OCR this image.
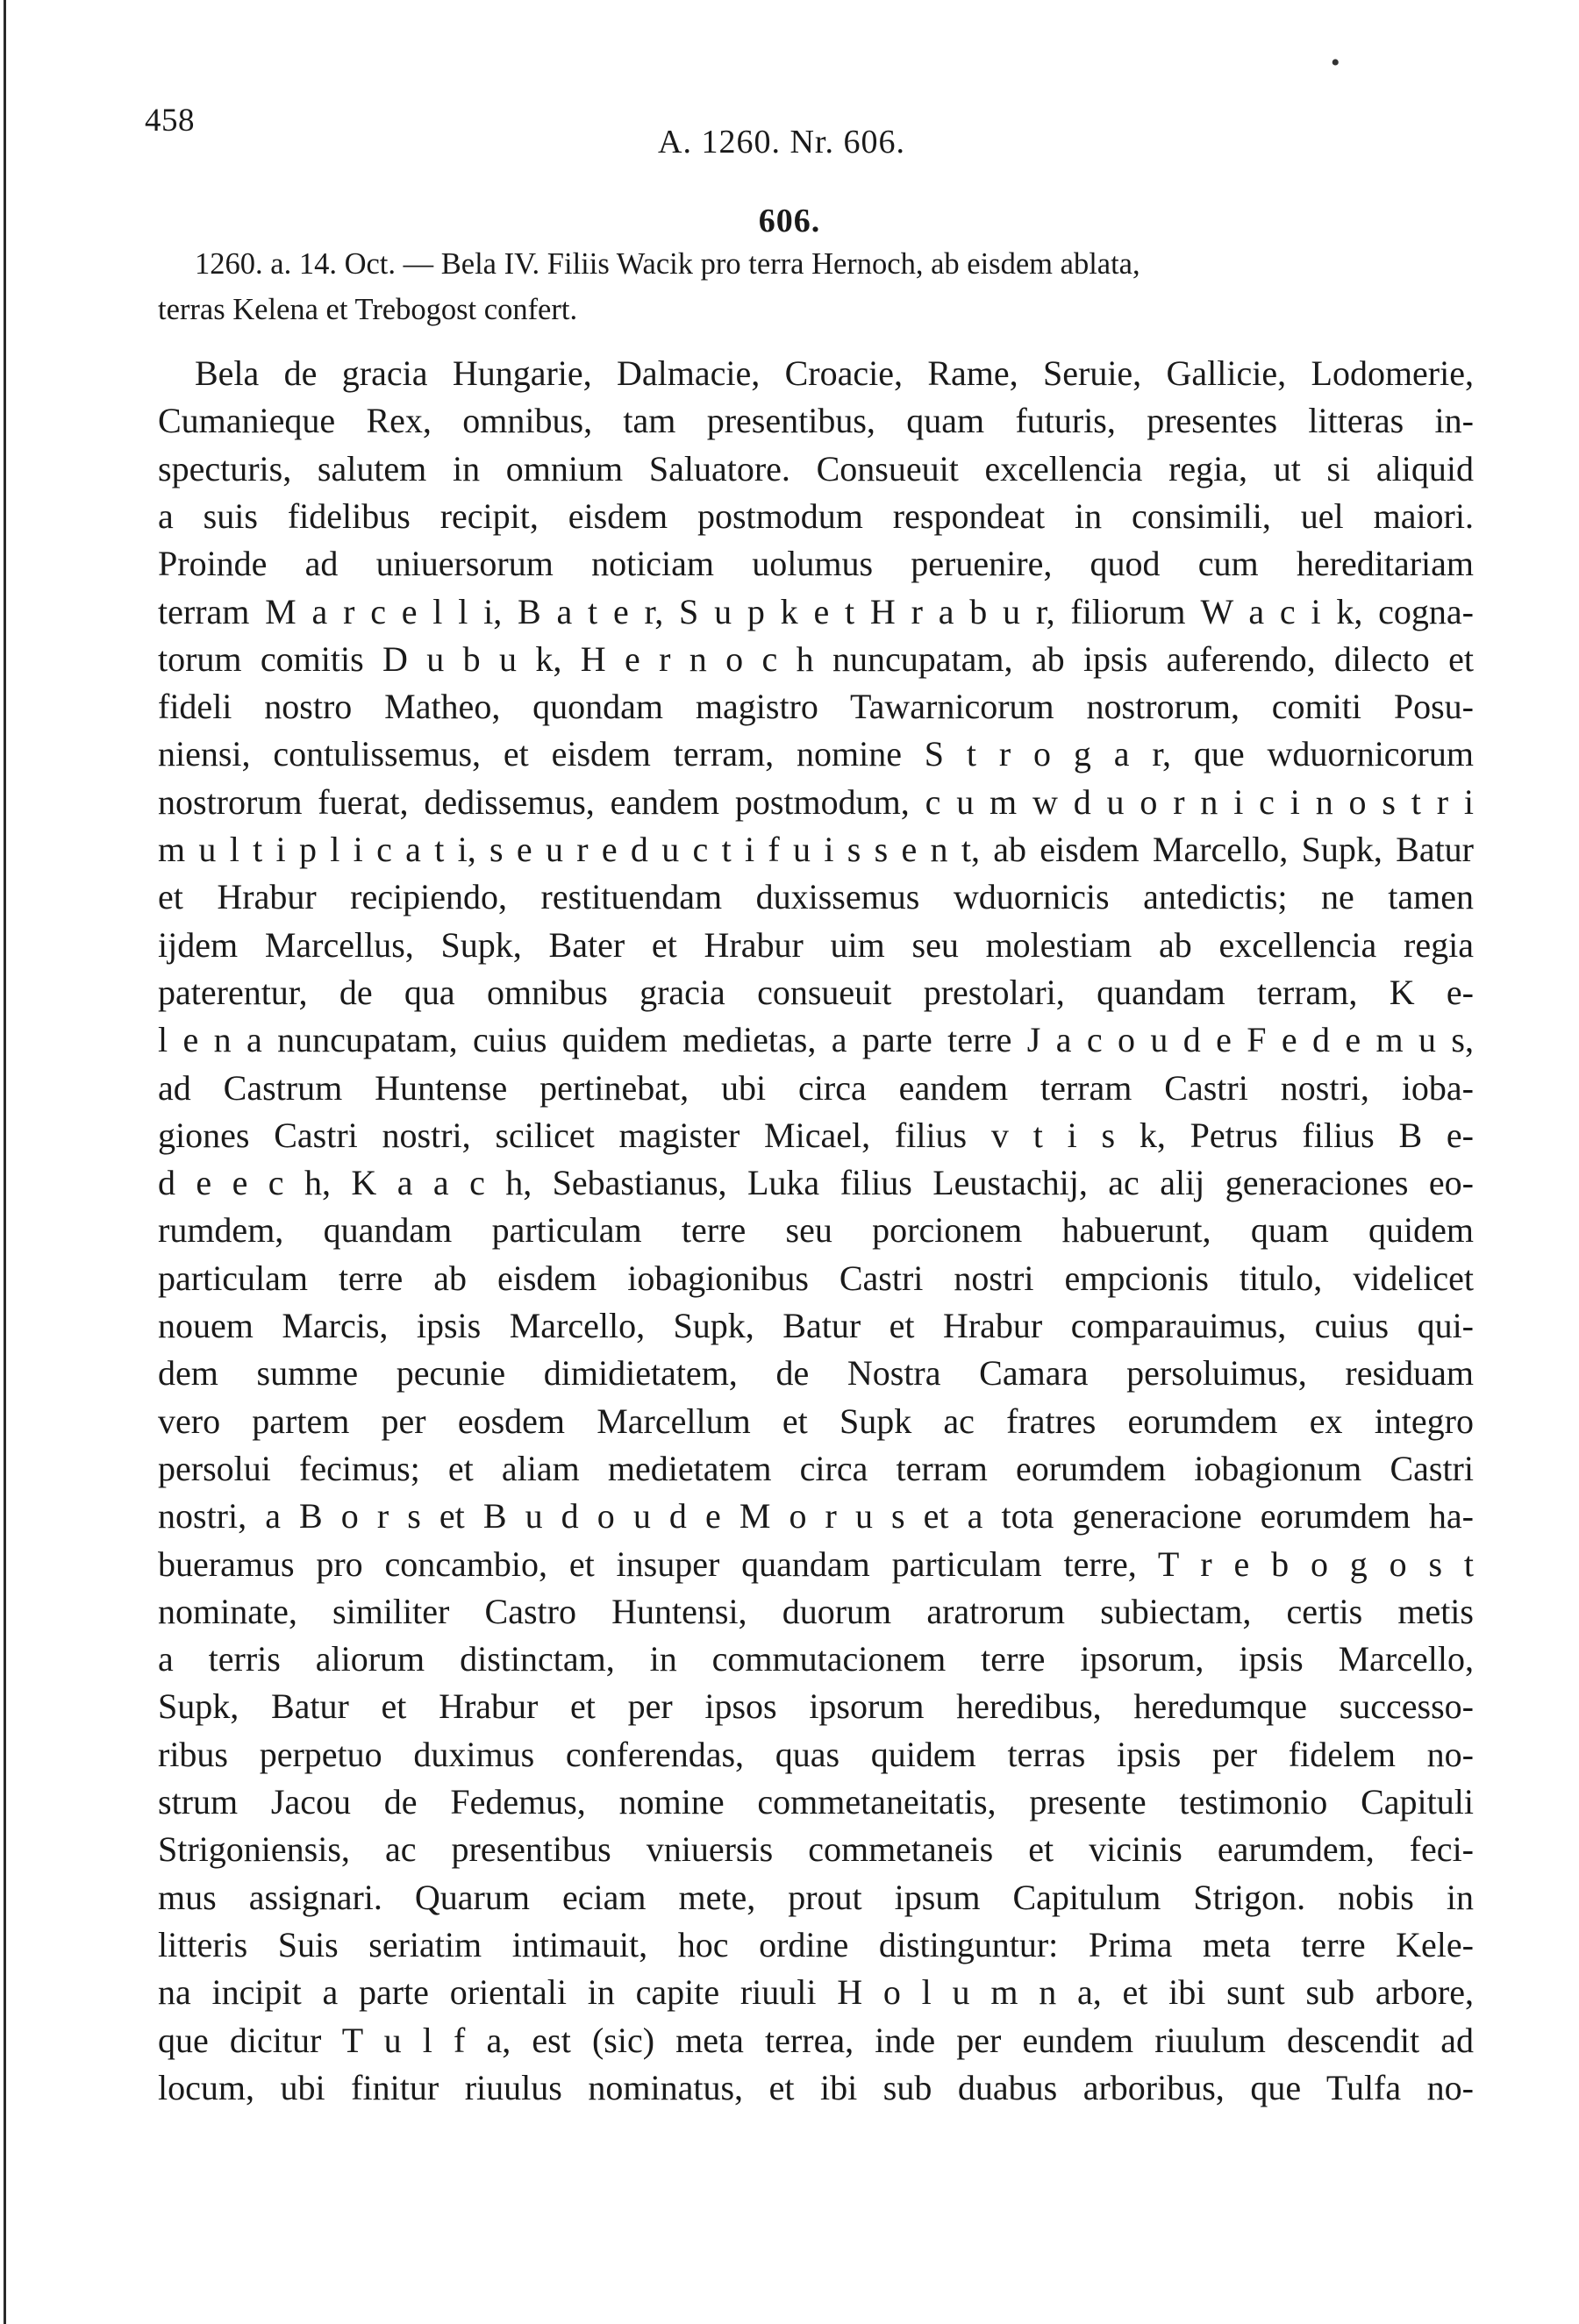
•
458
A. 1260. Nr. 606.
606.
1260. a. 14. Oct. — Bela IV. Filiis Wacik pro terra Hernoch, ab eisdem ablata,
terras Kelena et Trebogost confert.
Bela de gracia Hungarie, Dalmacie, Croacie, Rame, Seruie, Gallicie, Lodomerie,
Cumanieque Rex, omnibus, tam presentibus, quam futuris, presentes litteras in-
specturis, salutem in omnium Saluatore. Consueuit excellencia regia, ut si aliquid
a suis fidelibus recipit, eisdem postmodum respondeat in consimili, uel maiori.
Proinde ad uniuersorum noticiam uolumus peruenire, quod cum hereditariam
terram M a r c e l l i, B a t e r, S u p k e t H r a b u r, filiorum W a c i k, cogna-
torum comitis D u b u k, H e r n o c h nuncupatam, ab ipsis auferendo, dilecto et
fideli nostro Matheo, quondam magistro Tawarnicorum nostrorum, comiti Posu-
niensi, contulissemus, et eisdem terram, nomine S t r o g a r, que wduornicorum
nostrorum fuerat, dedissemus, eandem postmodum, c u m w d u o r n i c i n o s t r i
m u l t i p l i c a t i, s e u r e d u c t i f u i s s e n t, ab eisdem Marcello, Supk, Batur
et Hrabur recipiendo, restituendam duxissemus wduornicis antedictis; ne tamen
ijdem Marcellus, Supk, Bater et Hrabur uim seu molestiam ab excellencia regia
paterentur, de qua omnibus gracia consueuit prestolari, quandam terram, K e-
l e n a nuncupatam, cuius quidem medietas, a parte terre J a c o u d e F e d e m u s,
ad Castrum Huntense pertinebat, ubi circa eandem terram Castri nostri, ioba-
giones Castri nostri, scilicet magister Micael, filius v t i s k, Petrus filius B e-
d e e c h, K a a c h, Sebastianus, Luka filius Leustachij, ac alij generaciones eo-
rumdem, quandam particulam terre seu porcionem habuerunt, quam quidem
particulam terre ab eisdem iobagionibus Castri nostri empcionis titulo, videlicet
nouem Marcis, ipsis Marcello, Supk, Batur et Hrabur comparauimus, cuius qui-
dem summe pecunie dimidietatem, de Nostra Camara persoluimus, residuam
vero partem per eosdem Marcellum et Supk ac fratres eorumdem ex integro
persolui fecimus; et aliam medietatem circa terram eorumdem iobagionum Castri
nostri, a B o r s et B u d o u d e M o r u s et a tota generacione eorumdem ha-
bueramus pro concambio, et insuper quandam particulam terre, T r e b o g o s t
nominate, similiter Castro Huntensi, duorum aratrorum subiectam, certis metis
a terris aliorum distinctam, in commutacionem terre ipsorum, ipsis Marcello,
Supk, Batur et Hrabur et per ipsos ipsorum heredibus, heredumque successo-
ribus perpetuo duximus conferendas, quas quidem terras ipsis per fidelem no-
strum Jacou de Fedemus, nomine commetaneitatis, presente testimonio Capituli
Strigoniensis, ac presentibus vniuersis commetaneis et vicinis earumdem, feci-
mus assignari. Quarum eciam mete, prout ipsum Capitulum Strigon. nobis in
litteris Suis seriatim intimauit, hoc ordine distinguntur: Prima meta terre Kele-
na incipit a parte orientali in capite riuuli H o l u m n a, et ibi sunt sub arbore,
que dicitur T u l f a, est (sic) meta terrea, inde per eundem riuulum descendit ad
locum, ubi finitur riuulus nominatus, et ibi sub duabus arboribus, que Tulfa no-
